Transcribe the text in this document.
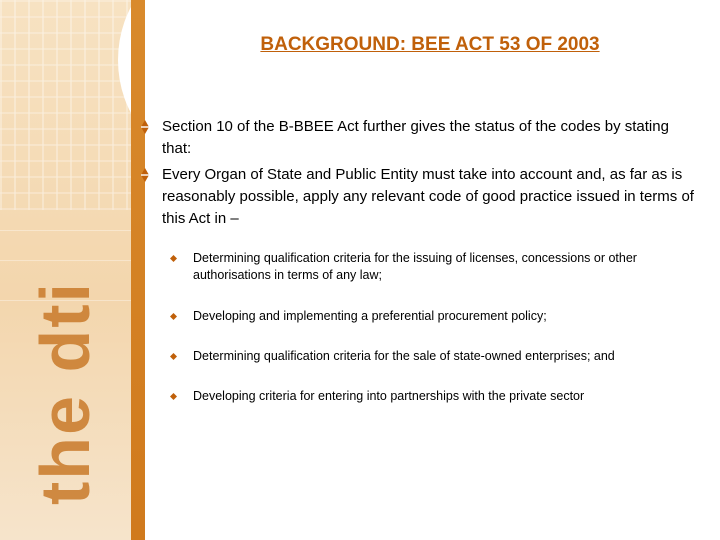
the dti
BACKGROUND: BEE ACT 53 OF 2003
Section 10 of the B-BBEE Act further gives the status of the codes by stating that:
Every Organ of State and Public Entity must take into account and, as far as is reasonably possible, apply any relevant code of good practice issued in terms of this Act in –
Determining qualification criteria for the issuing of licenses, concessions or other authorisations in terms of any law;
Developing and implementing a preferential procurement policy;
Determining qualification criteria for the sale of state-owned enterprises; and
Developing criteria for entering into partnerships with the private sector
